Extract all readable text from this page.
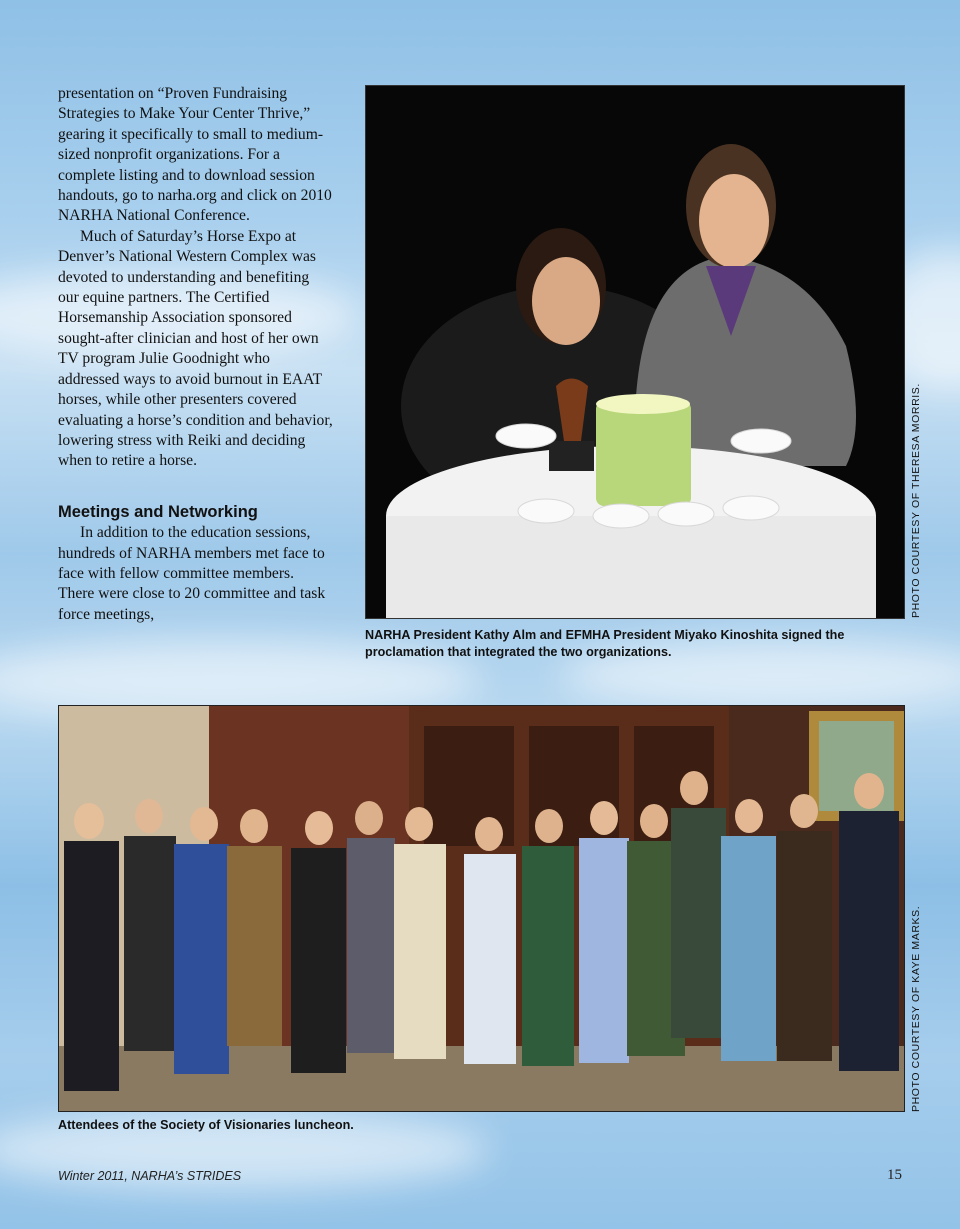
presentation on “Proven Fundraising Strategies to Make Your Center Thrive,” gearing it specifically to small to medium-sized nonprofit organizations. For a complete listing and to download session handouts, go to narha.org and click on 2010 NARHA National Conference.

Much of Saturday’s Horse Expo at Denver’s National Western Complex was devoted to understanding and benefiting our equine partners. The Certified Horsemanship Association sponsored sought-after clinician and host of her own TV program Julie Goodnight who addressed ways to avoid burnout in EAAT horses, while other presenters covered evaluating a horse’s condition and behavior, lowering stress with Reiki and deciding when to retire a horse.

Meetings and Networking

In addition to the education sessions, hundreds of NARHA members met face to face with fellow committee members. There were close to 20 committee and task force meetings,	PHOTO COURTESY OF THERESA MORRIS.
NARHA President Kathy Alm and EFMHA President Miyako Kinoshita signed the proclamation that integrated the two organizations.
PHOTO COURTESY OF KAYE MARKS.
Attendees of the Society of Visionaries luncheon.
Winter 2011, NARHA’s STRIDES	15
